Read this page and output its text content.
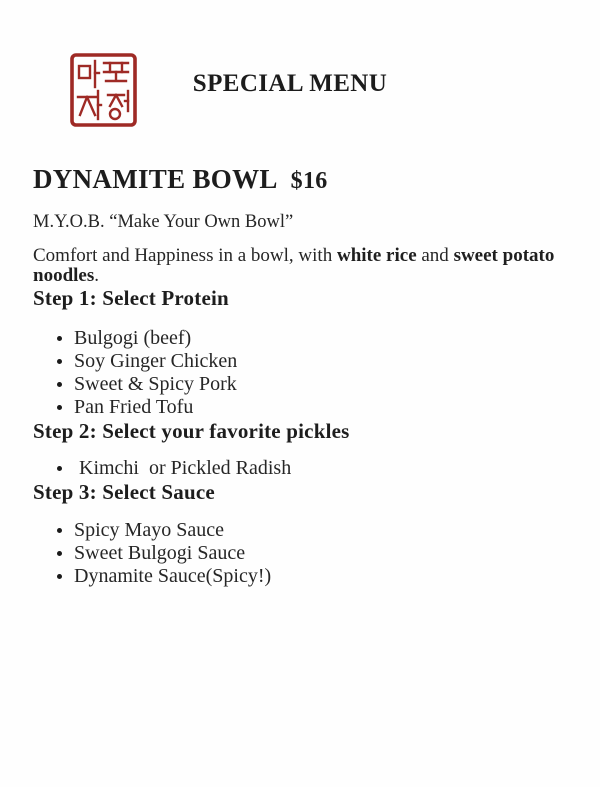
SPECIAL MENU
DYNAMITE BOWL $16

M.Y.O.B. “Make Your Own Bowl”

Comfort and Happiness in a bowl, with white rice and sweet potato
noodles.

Step 1: Select Protein
• Bulgogi (beef)
• Soy Ginger Chicken
• Sweet & Spicy Pork
• Pan Fried Tofu
Step 2: Select your favorite pickles
•  Kimchi  or Pickled Radish
Step 3: Select Sauce
• Spicy Mayo Sauce
• Sweet Bulgogi Sauce
• Dynamite Sauce(Spicy!)
